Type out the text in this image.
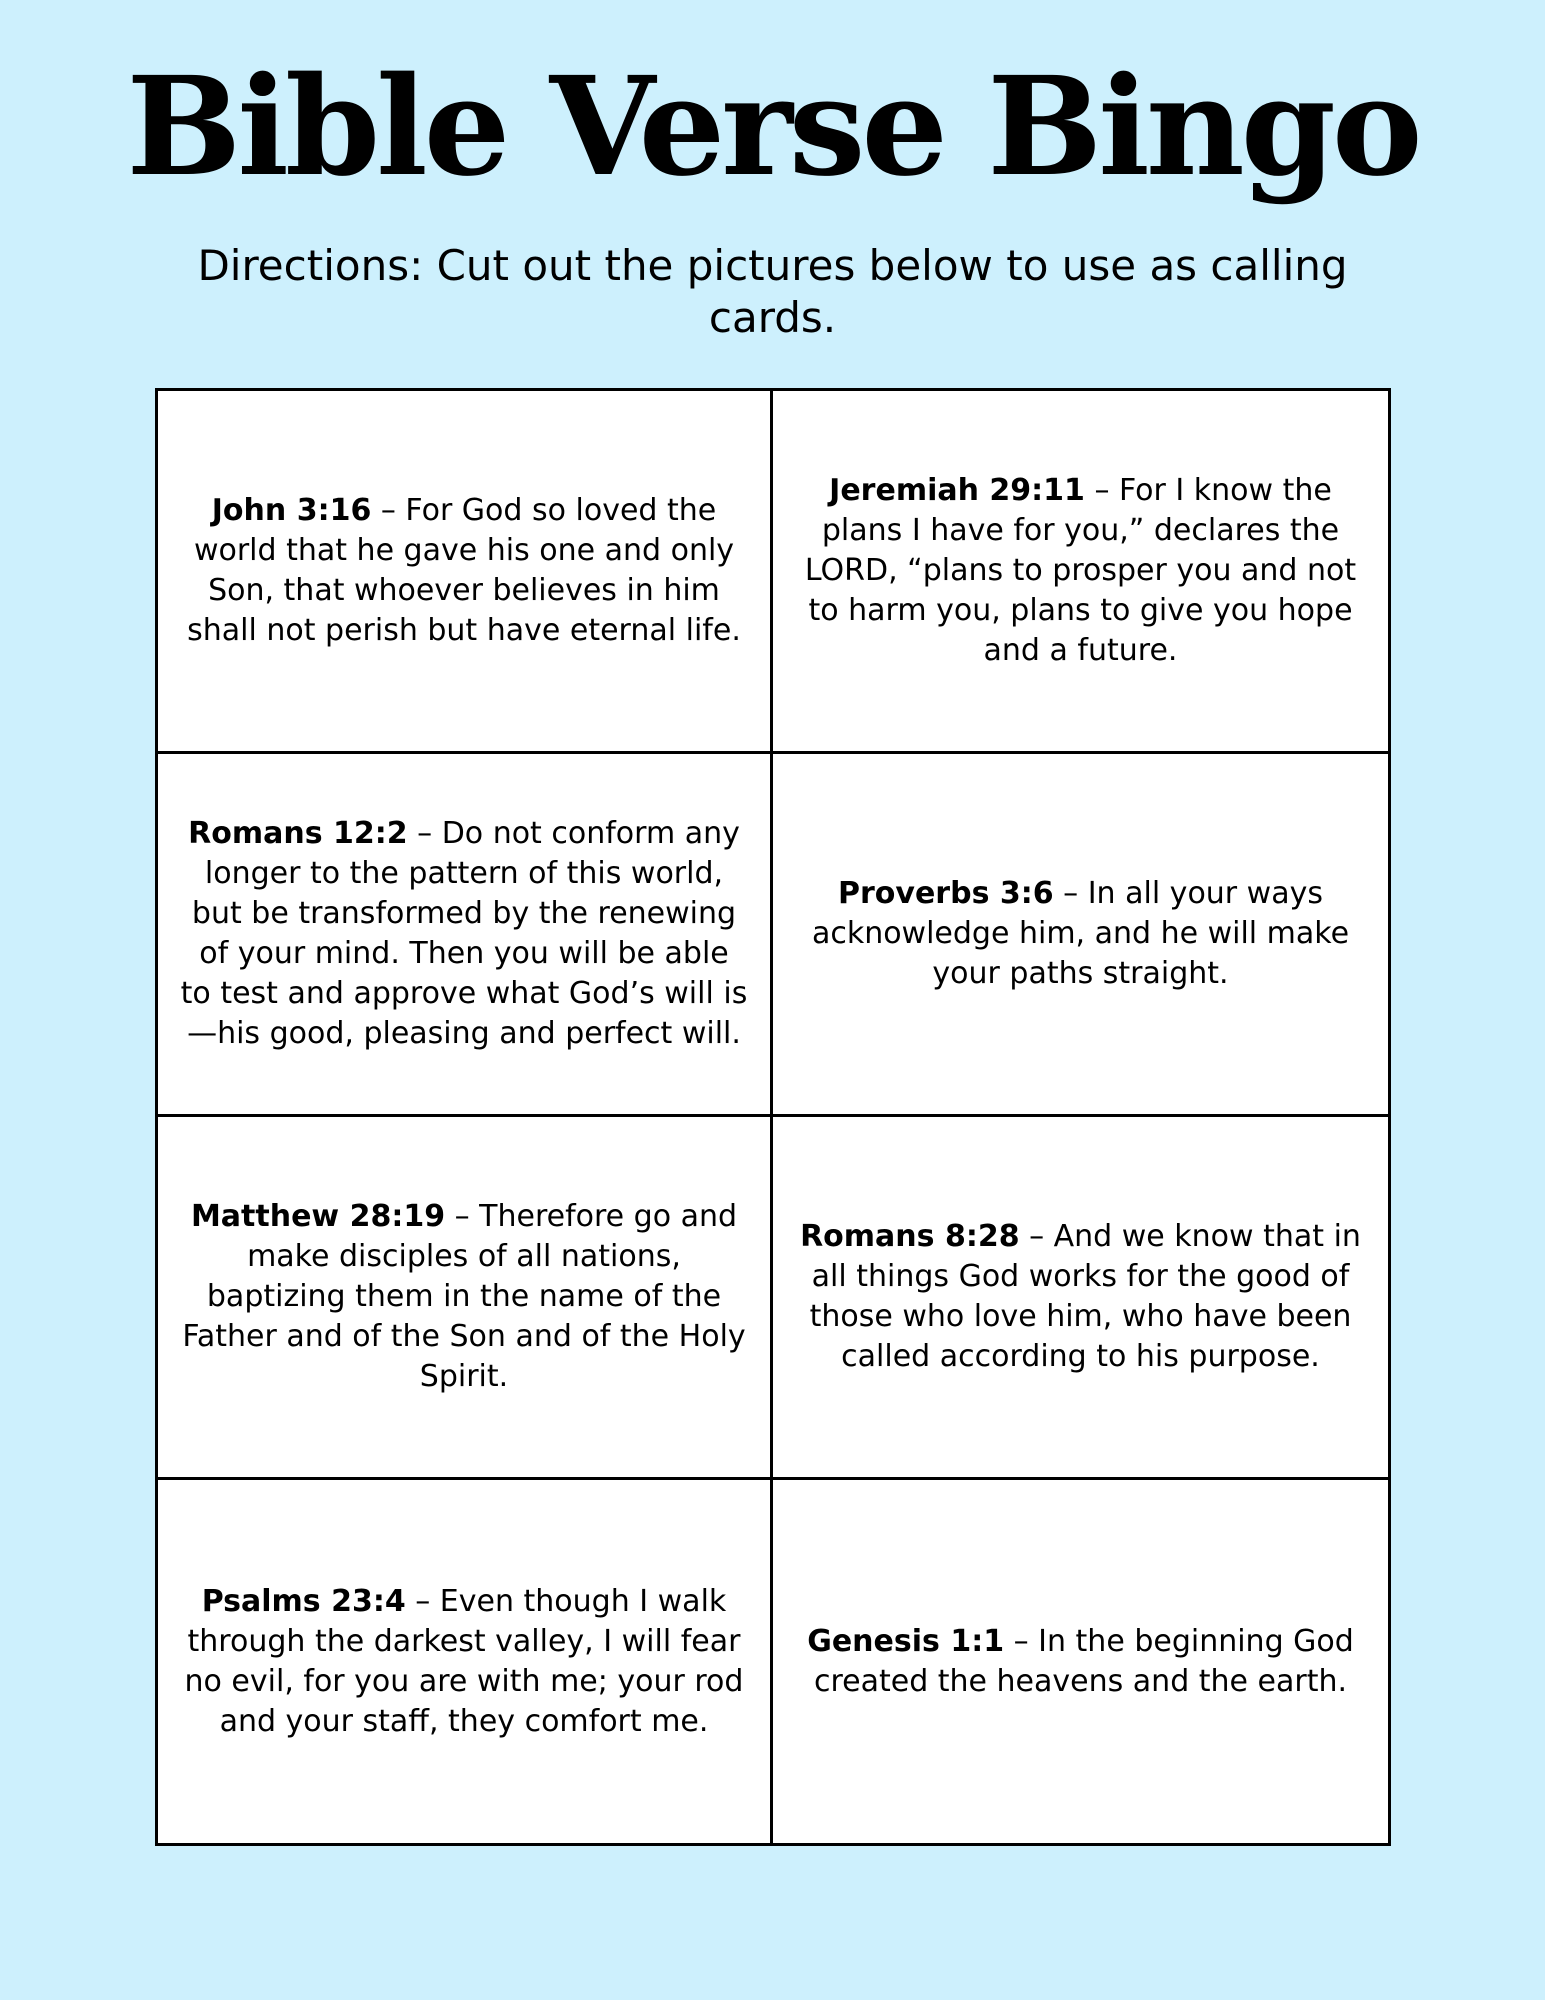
Bible Verse Bingo

Directions: Cut out the pictures below to use as calling cards.

John 3:16 – For God so loved the world that he gave his one and only Son, that whoever believes in him shall not perish but have eternal life.

Jeremiah 29:11 – For I know the plans I have for you,” declares the LORD, “plans to prosper you and not to harm you, plans to give you hope and a future.

Romans 12:2 – Do not conform any longer to the pattern of this world, but be transformed by the renewing of your mind. Then you will be able to test and approve what God’s will is—his good, pleasing and perfect will.

Proverbs 3:6 – In all your ways acknowledge him, and he will make your paths straight.

Matthew 28:19 – Therefore go and make disciples of all nations, baptizing them in the name of the Father and of the Son and of the Holy Spirit.

Romans 8:28 – And we know that in all things God works for the good of those who love him, who have been called according to his purpose.

Psalms 23:4 – Even though I walk through the darkest valley, I will fear no evil, for you are with me; your rod and your staff, they comfort me.

Genesis 1:1 – In the beginning God created the heavens and the earth.
